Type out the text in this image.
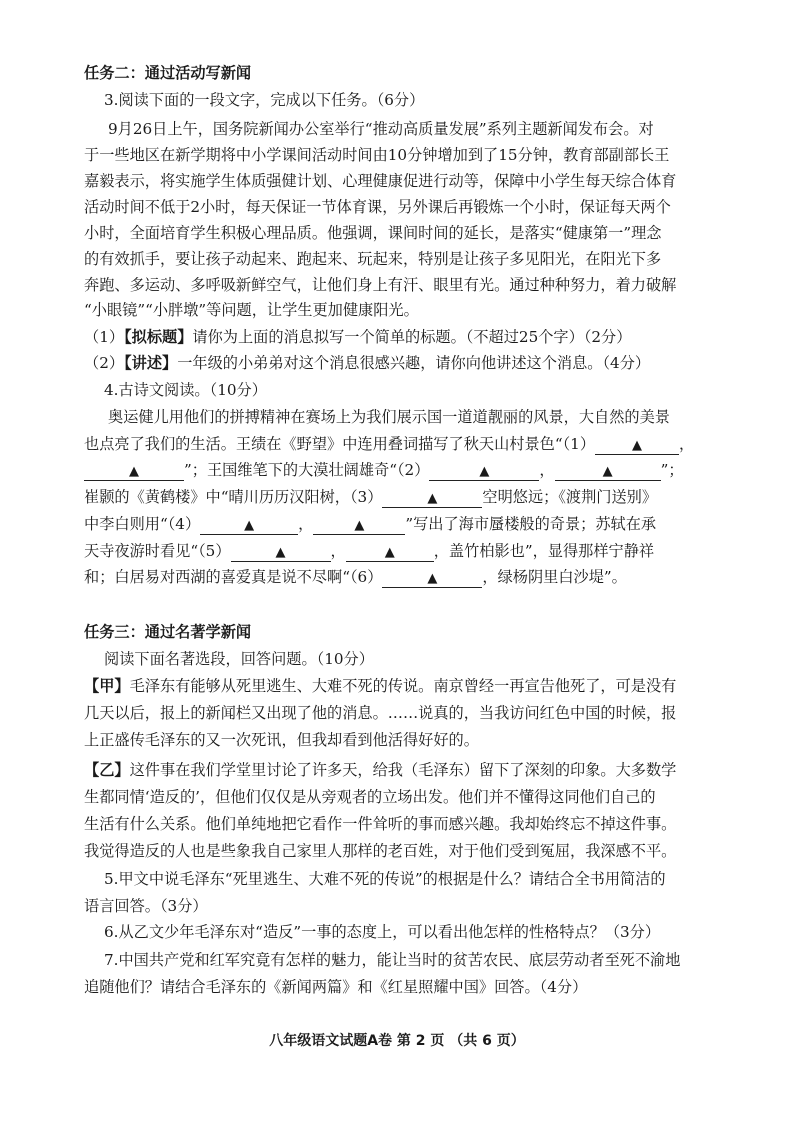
任务二：通过活动写新闻
3.阅读下面的一段文字，完成以下任务。（6分）
9月26日上午，国务院新闻办公室举行“推动高质量发展”系列主题新闻发布会。对
于一些地区在新学期将中小学课间活动时间由10分钟增加到了15分钟，教育部副部长王
嘉毅表示，将实施学生体质强健计划、心理健康促进行动等，保障中小学生每天综合体育
活动时间不低于2小时，每天保证一节体育课，另外课后再锻炼一个小时，保证每天两个
小时，全面培育学生积极心理品质。他强调，课间时间的延长，是落实“健康第一”理念
的有效抓手，要让孩子动起来、跑起来、玩起来，特别是让孩子多见阳光，在阳光下多
奔跑、多运动、多呼吸新鲜空气，让他们身上有汗、眼里有光。通过种种努力，着力破解
“小眼镜”“小胖墩”等问题，让学生更加健康阳光。
（1）【拟标题】请你为上面的消息拟写一个简单的标题。（不超过25个字）（2分）
（2）【讲述】一年级的小弟弟对这个消息很感兴趣，请你向他讲述这个消息。（4分）
4.古诗文阅读。（10分）
奥运健儿用他们的拼搏精神在赛场上为我们展示国一道道靓丽的风景，大自然的美景
也点亮了我们的生活。王绩在《野望》中连用叠词描写了秋天山村景色“（1）	▲ ，
▲	”；王国维笔下的大漠壮阔雄奇“（2）	▲	，	▲	”；
崔颢的《黄鹤楼》中“晴川历历汉阳树，（3）	▲	空明悠远；《渡荆门送别》
中李白则用“（4）	▲	，	▲	”写出了海市蜃楼般的奇景；苏轼在承
天寺夜游时看见“（5）	▲	，	▲	，盖竹柏影也”，显得那样宁静祥
和；白居易对西湖的喜爱真是说不尽啊“（6）	▲	，绿杨阴里白沙堤”。
任务三：通过名著学新闻
阅读下面名著选段，回答问题。（10分）
【甲】毛泽东有能够从死里逃生、大难不死的传说。南京曾经一再宣告他死了，可是没有
几天以后，报上的新闻栏又出现了他的消息。……说真的，当我访问红色中国的时候，报
上正盛传毛泽东的又一次死讯，但我却看到他活得好好的。
【乙】这件事在我们学堂里讨论了许多天，给我（毛泽东）留下了深刻的印象。大多数学
生都同情‘造反的’，但他们仅仅是从旁观者的立场出发。他们并不懂得这同他们自己的
生活有什么关系。他们单纯地把它看作一件耸听的事而感兴趣。我却始终忘不掉这件事。
我觉得造反的人也是些象我自己家里人那样的老百姓，对于他们受到冤屈，我深感不平。
5.甲文中说毛泽东“死里逃生、大难不死的传说”的根据是什么？请结合全书用简洁的
语言回答。（3分）
6.从乙文少年毛泽东对“造反”一事的态度上，可以看出他怎样的性格特点？（3分）
7.中国共产党和红军究竟有怎样的魅力，能让当时的贫苦农民、底层劳动者至死不渝地
追随他们？请结合毛泽东的《新闻两篇》和《红星照耀中国》回答。（4分）
八年级语文试题A卷 第 2 页 （共 6 页）
